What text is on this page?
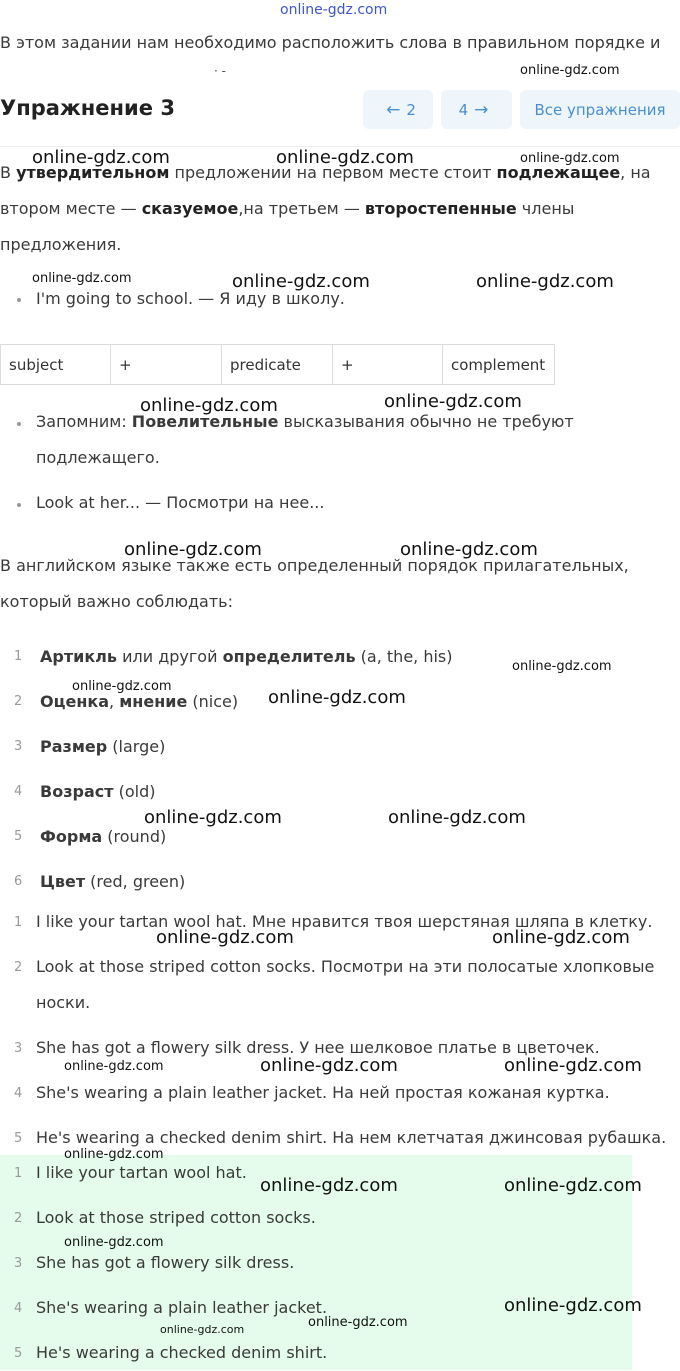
online-gdz.com
В этом задании нам необходимо расположить слова в правильном порядке и
· -
Упражнение 3	← 2	4 →	Все упражнения
В утвердительном предложении на первом месте стоит подлежащее, на
втором месте — сказуемое,на третьем — второстепенные члены
предложения.
I'm going to school. — Я иду в школу.
subject	+	predicate	+	complement
Запомним: Повелительные высказывания обычно не требуют
подлежащего.
Look at her... — Посмотри на нее...
В английском языке также есть определенный порядок прилагательных,
который важно соблюдать:
1 Артикль или другой определитель (a, the, his)
2 Оценка, мнение (nice)
3 Размер (large)
4 Возраст (old)
5 Форма (round)
6 Цвет (red, green)
1 I like your tartan wool hat. Мне нравится твоя шерстяная шляпа в клетку.
2 Look at those striped cotton socks. Посмотри на эти полосатые хлопковые
носки.
3 She has got a flowery silk dress. У нее шелковое платье в цветочек.
4 She's wearing a plain leather jacket. На ней простая кожаная куртка.
5 He's wearing a checked denim shirt. На нем клетчатая джинсовая рубашка.
1 I like your tartan wool hat.
2 Look at those striped cotton socks.
3 She has got a flowery silk dress.
4 She's wearing a plain leather jacket.
5 He's wearing a checked denim shirt.
online-gdz.com
online-gdz.com	online-gdz.com	online-gdz.com
online-gdz.com	online-gdz.com	online-gdz.com
online-gdz.com	online-gdz.com
online-gdz.com	online-gdz.com
online-gdz.com
online-gdz.com
online-gdz.com
online-gdz.com	online-gdz.com
online-gdz.com	online-gdz.com
online-gdz.com	online-gdz.com	online-gdz.com
online-gdz.com
online-gdz.com	online-gdz.com
online-gdz.com
online-gdz.com
online-gdz.com
online-gdz.com
